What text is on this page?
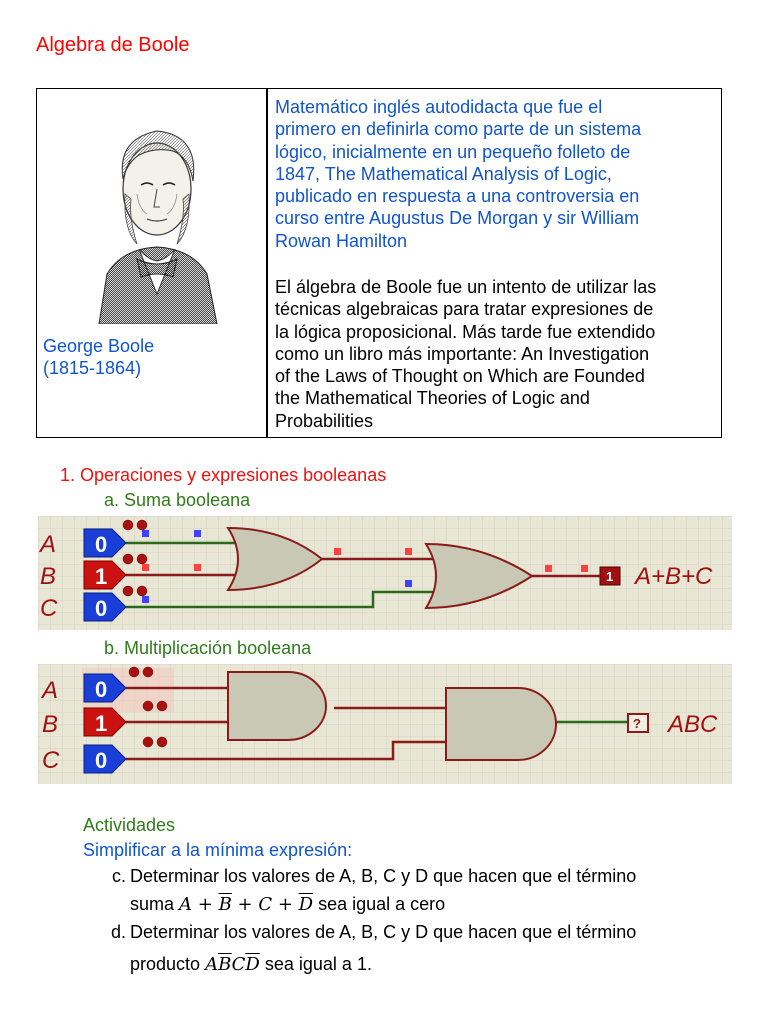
Algebra de Boole
George Boole
(1815-1864)
Matemático inglés autodidacta que fue el
primero en definirla como parte de un sistema
lógico, inicialmente en un pequeño folleto de
1847, The Mathematical Analysis of Logic,
publicado en respuesta a una controversia en
curso entre Augustus De Morgan y sir William
Rowan Hamilton
El álgebra de Boole fue un intento de utilizar las
técnicas algebraicas para tratar expresiones de
la lógica proposicional. Más tarde fue extendido
como un libro más importante: An Investigation
of the Laws of Thought on Which are Founded
the Mathematical Theories of Logic and
Probabilities
1. Operaciones y expresiones booleanas
a. Suma booleana
0
1
0
A
B
C
1 A+B+C
b. Multiplicación booleana
0
1
0
A
B
C
? ABC
Actividades
Simplificar a la mínima expresión:
c. Determinar los valores de A, B, C y D que hacen que el término
suma $A + \overline{B} + C + \overline{D}$ sea igual a cero
d. Determinar los valores de A, B, C y D que hacen que el término
producto $A\overline{B}C\overline{D}$ sea igual a 1.
